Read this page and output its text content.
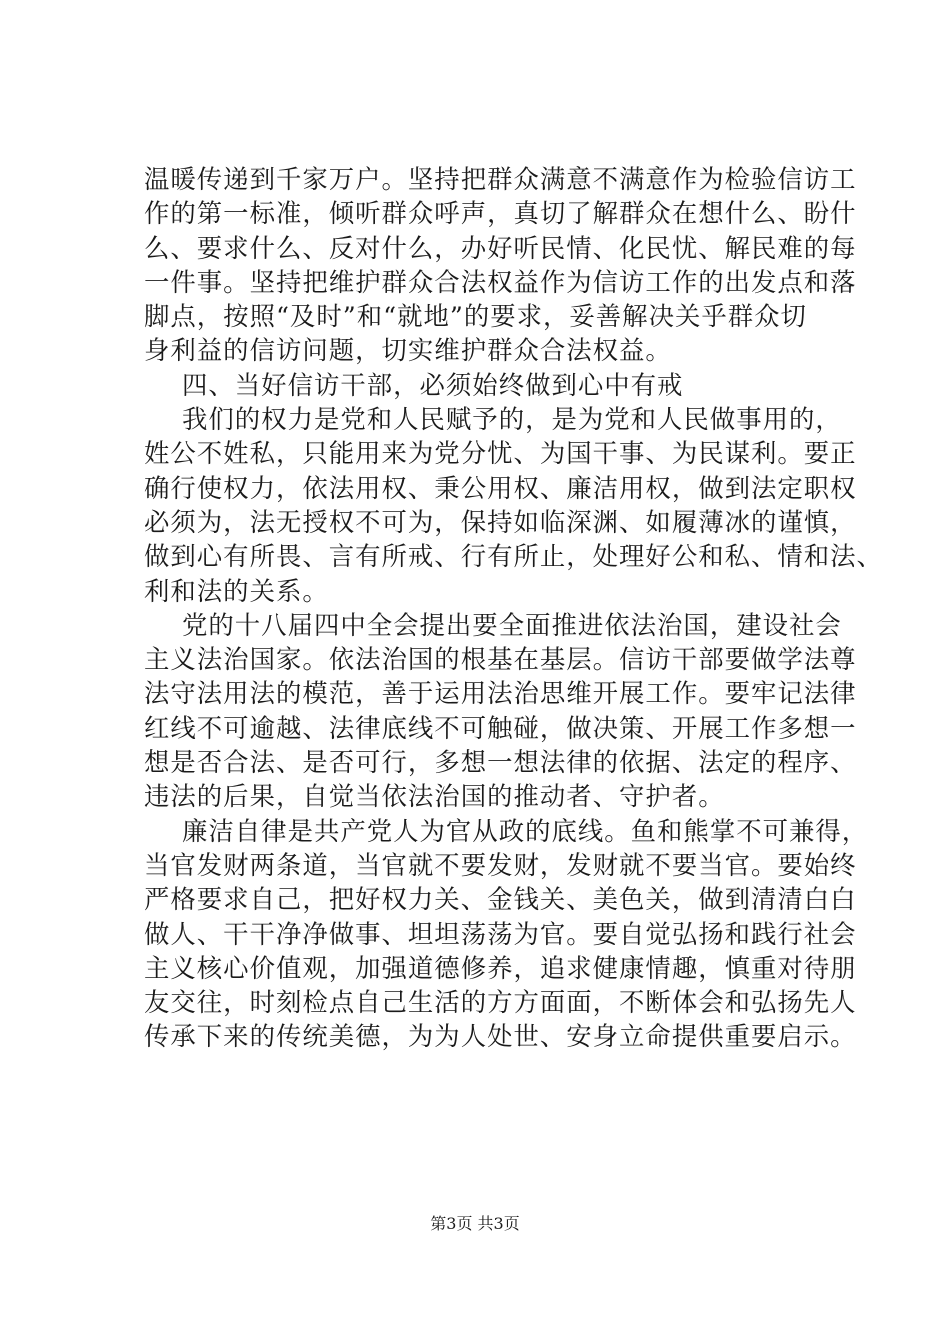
温暖传递到千家万户。坚持把群众满意不满意作为检验信访工
作的第一标准，倾听群众呼声，真切了解群众在想什么、盼什
么、要求什么、反对什么，办好听民情、化民忧、解民难的每
一件事。坚持把维护群众合法权益作为信访工作的出发点和落
脚点，按照“及时”和“就地”的要求，妥善解决关乎群众切
身利益的信访问题，切实维护群众合法权益。
四、当好信访干部，必须始终做到心中有戒
我们的权力是党和人民赋予的，是为党和人民做事用的，
姓公不姓私，只能用来为党分忧、为国干事、为民谋利。要正
确行使权力，依法用权、秉公用权、廉洁用权，做到法定职权
必须为，法无授权不可为，保持如临深渊、如履薄冰的谨慎，
做到心有所畏、言有所戒、行有所止，处理好公和私、情和法、
利和法的关系。
党的十八届四中全会提出要全面推进依法治国，建设社会
主义法治国家。依法治国的根基在基层。信访干部要做学法尊
法守法用法的模范，善于运用法治思维开展工作。要牢记法律
红线不可逾越、法律底线不可触碰，做决策、开展工作多想一
想是否合法、是否可行，多想一想法律的依据、法定的程序、
违法的后果，自觉当依法治国的推动者、守护者。
廉洁自律是共产党人为官从政的底线。鱼和熊掌不可兼得，
当官发财两条道，当官就不要发财，发财就不要当官。要始终
严格要求自己，把好权力关、金钱关、美色关，做到清清白白
做人、干干净净做事、坦坦荡荡为官。要自觉弘扬和践行社会
主义核心价值观，加强道德修养，追求健康情趣，慎重对待朋
友交往，时刻检点自己生活的方方面面，不断体会和弘扬先人
传承下来的传统美德，为为人处世、安身立命提供重要启示。
第3页 共3页
